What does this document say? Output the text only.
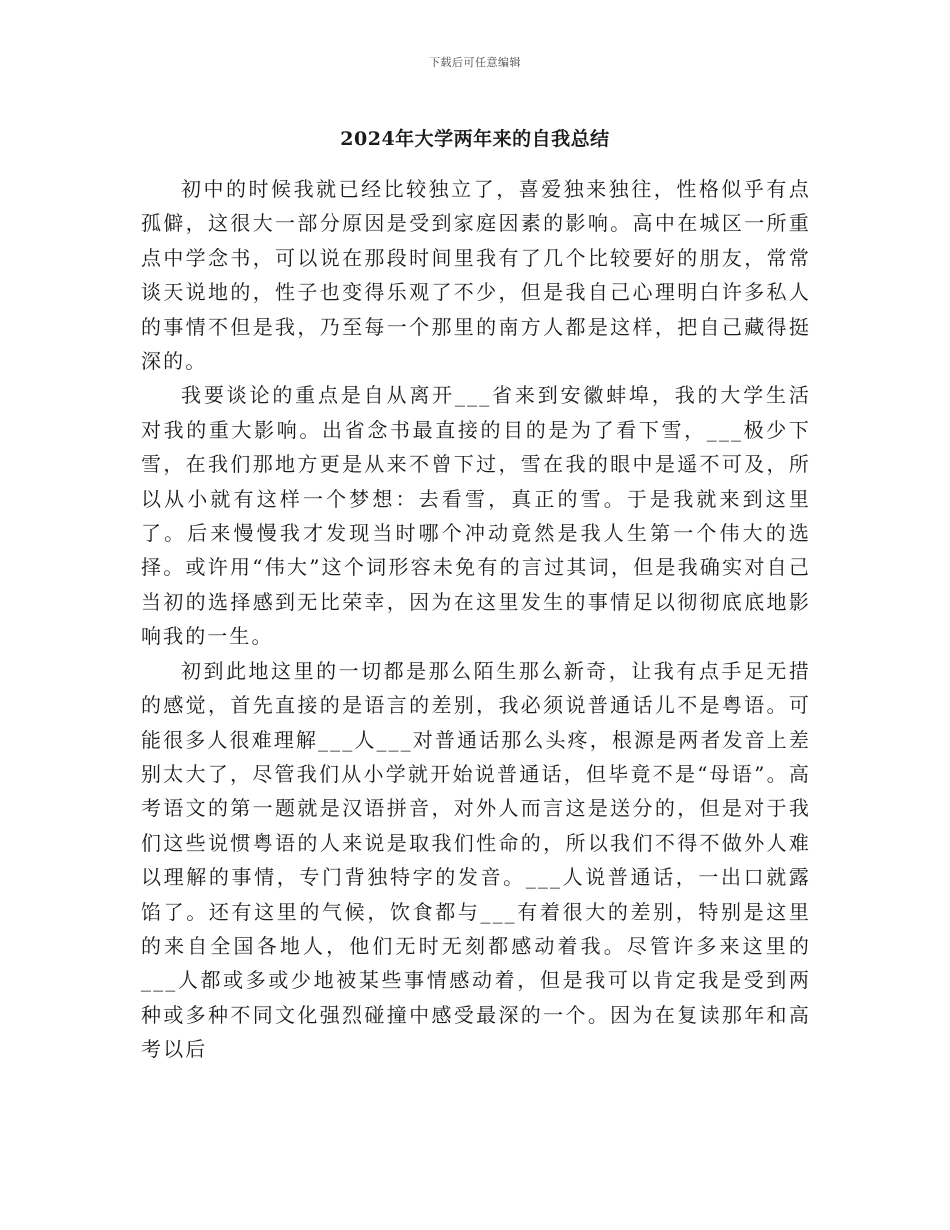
下载后可任意编辑
2024年大学两年来的自我总结

初中的时候我就已经比较独立了，喜爱独来独往，性格似乎有点孤僻，这很大一部分原因是受到家庭因素的影响。高中在城区一所重点中学念书，可以说在那段时间里我有了几个比较要好的朋友，常常谈天说地的，性子也变得乐观了不少，但是我自己心理明白许多私人的事情不但是我，乃至每一个那里的南方人都是这样，把自己藏得挺深的。

我要谈论的重点是自从离开___省来到安徽蚌埠，我的大学生活对我的重大影响。出省念书最直接的目的是为了看下雪，___极少下雪，在我们那地方更是从来不曾下过，雪在我的眼中是遥不可及，所以从小就有这样一个梦想：去看雪，真正的雪。于是我就来到这里了。后来慢慢我才发现当时哪个冲动竟然是我人生第一个伟大的选择。或许用“伟大”这个词形容未免有的言过其词，但是我确实对自己当初的选择感到无比荣幸，因为在这里发生的事情足以彻彻底底地影响我的一生。

初到此地这里的一切都是那么陌生那么新奇，让我有点手足无措的感觉，首先直接的是语言的差别，我必须说普通话儿不是粤语。可能很多人很难理解___人___对普通话那么头疼，根源是两者发音上差别太大了，尽管我们从小学就开始说普通话，但毕竟不是“母语”。高考语文的第一题就是汉语拼音，对外人而言这是送分的，但是对于我们这些说惯粤语的人来说是取我们性命的，所以我们不得不做外人难以理解的事情，专门背独特字的发音。___人说普通话，一出口就露馅了。还有这里的气候，饮食都与___有着很大的差别，特别是这里的来自全国各地人，他们无时无刻都感动着我。尽管许多来这里的___人都或多或少地被某些事情感动着，但是我可以肯定我是受到两种或多种不同文化强烈碰撞中感受最深的一个。因为在复读那年和高考以后
